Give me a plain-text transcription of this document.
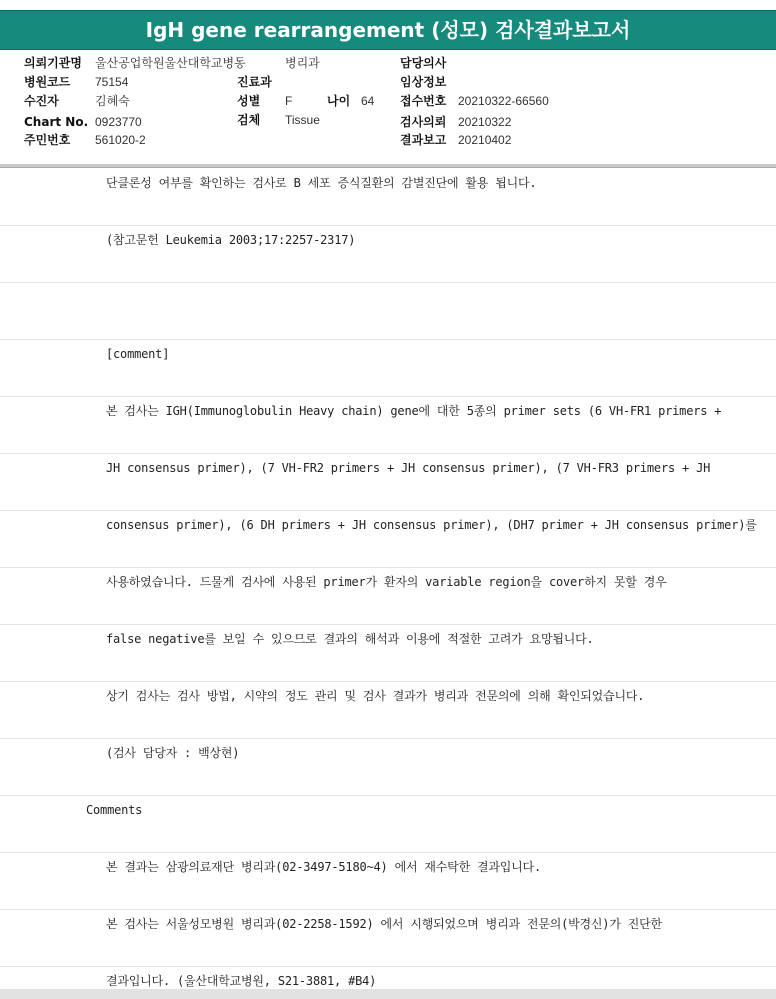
IgH gene rearrangement (성모) 검사결과보고서
의뢰기관명 울산공업학원울산대학교병동	병리과	담당의사
병원코드 75154	진료과	임상정보
수진자	김혜숙	성별 F	나이 64 접수번호 20210322-66560
Chart No. 0923770	검체 Tissue	검사의뢰 20210322
주민번호 561020-2	결과보고 20210402
단클론성 여부를 확인하는 검사로 B 세포 증식질환의 감별진단에 활용 됩니다.
(참고문헌 Leukemia 2003;17:2257-2317)
[comment]
본 검사는 IGH(Immunoglobulin Heavy chain) gene에 대한 5종의 primer sets (6 VH-FR1 primers +
JH consensus primer), (7 VH-FR2 primers + JH consensus primer), (7 VH-FR3 primers + JH
consensus primer), (6 DH primers + JH consensus primer), (DH7 primer + JH consensus primer)를
사용하였습니다. 드물게 검사에 사용된 primer가 환자의 variable region을 cover하지 못할 경우
false negative를 보일 수 있으므로 결과의 해석과 이용에 적절한 고려가 요망됩니다.
상기 검사는 검사 방법, 시약의 정도 관리 및 검사 결과가 병리과 전문의에 의해 확인되었습니다.
(검사 담당자 : 백상현)
Comments
본 결과는 삼광의료재단 병리과(02-3497-5180~4) 에서 재수탁한 결과입니다.
본 검사는 서울성모병원 병리과(02-2258-1592) 에서 시행되었으며 병리과 전문의(박경신)가 진단한
결과입니다. (울산대학교병원, S21-3881, #B4)
